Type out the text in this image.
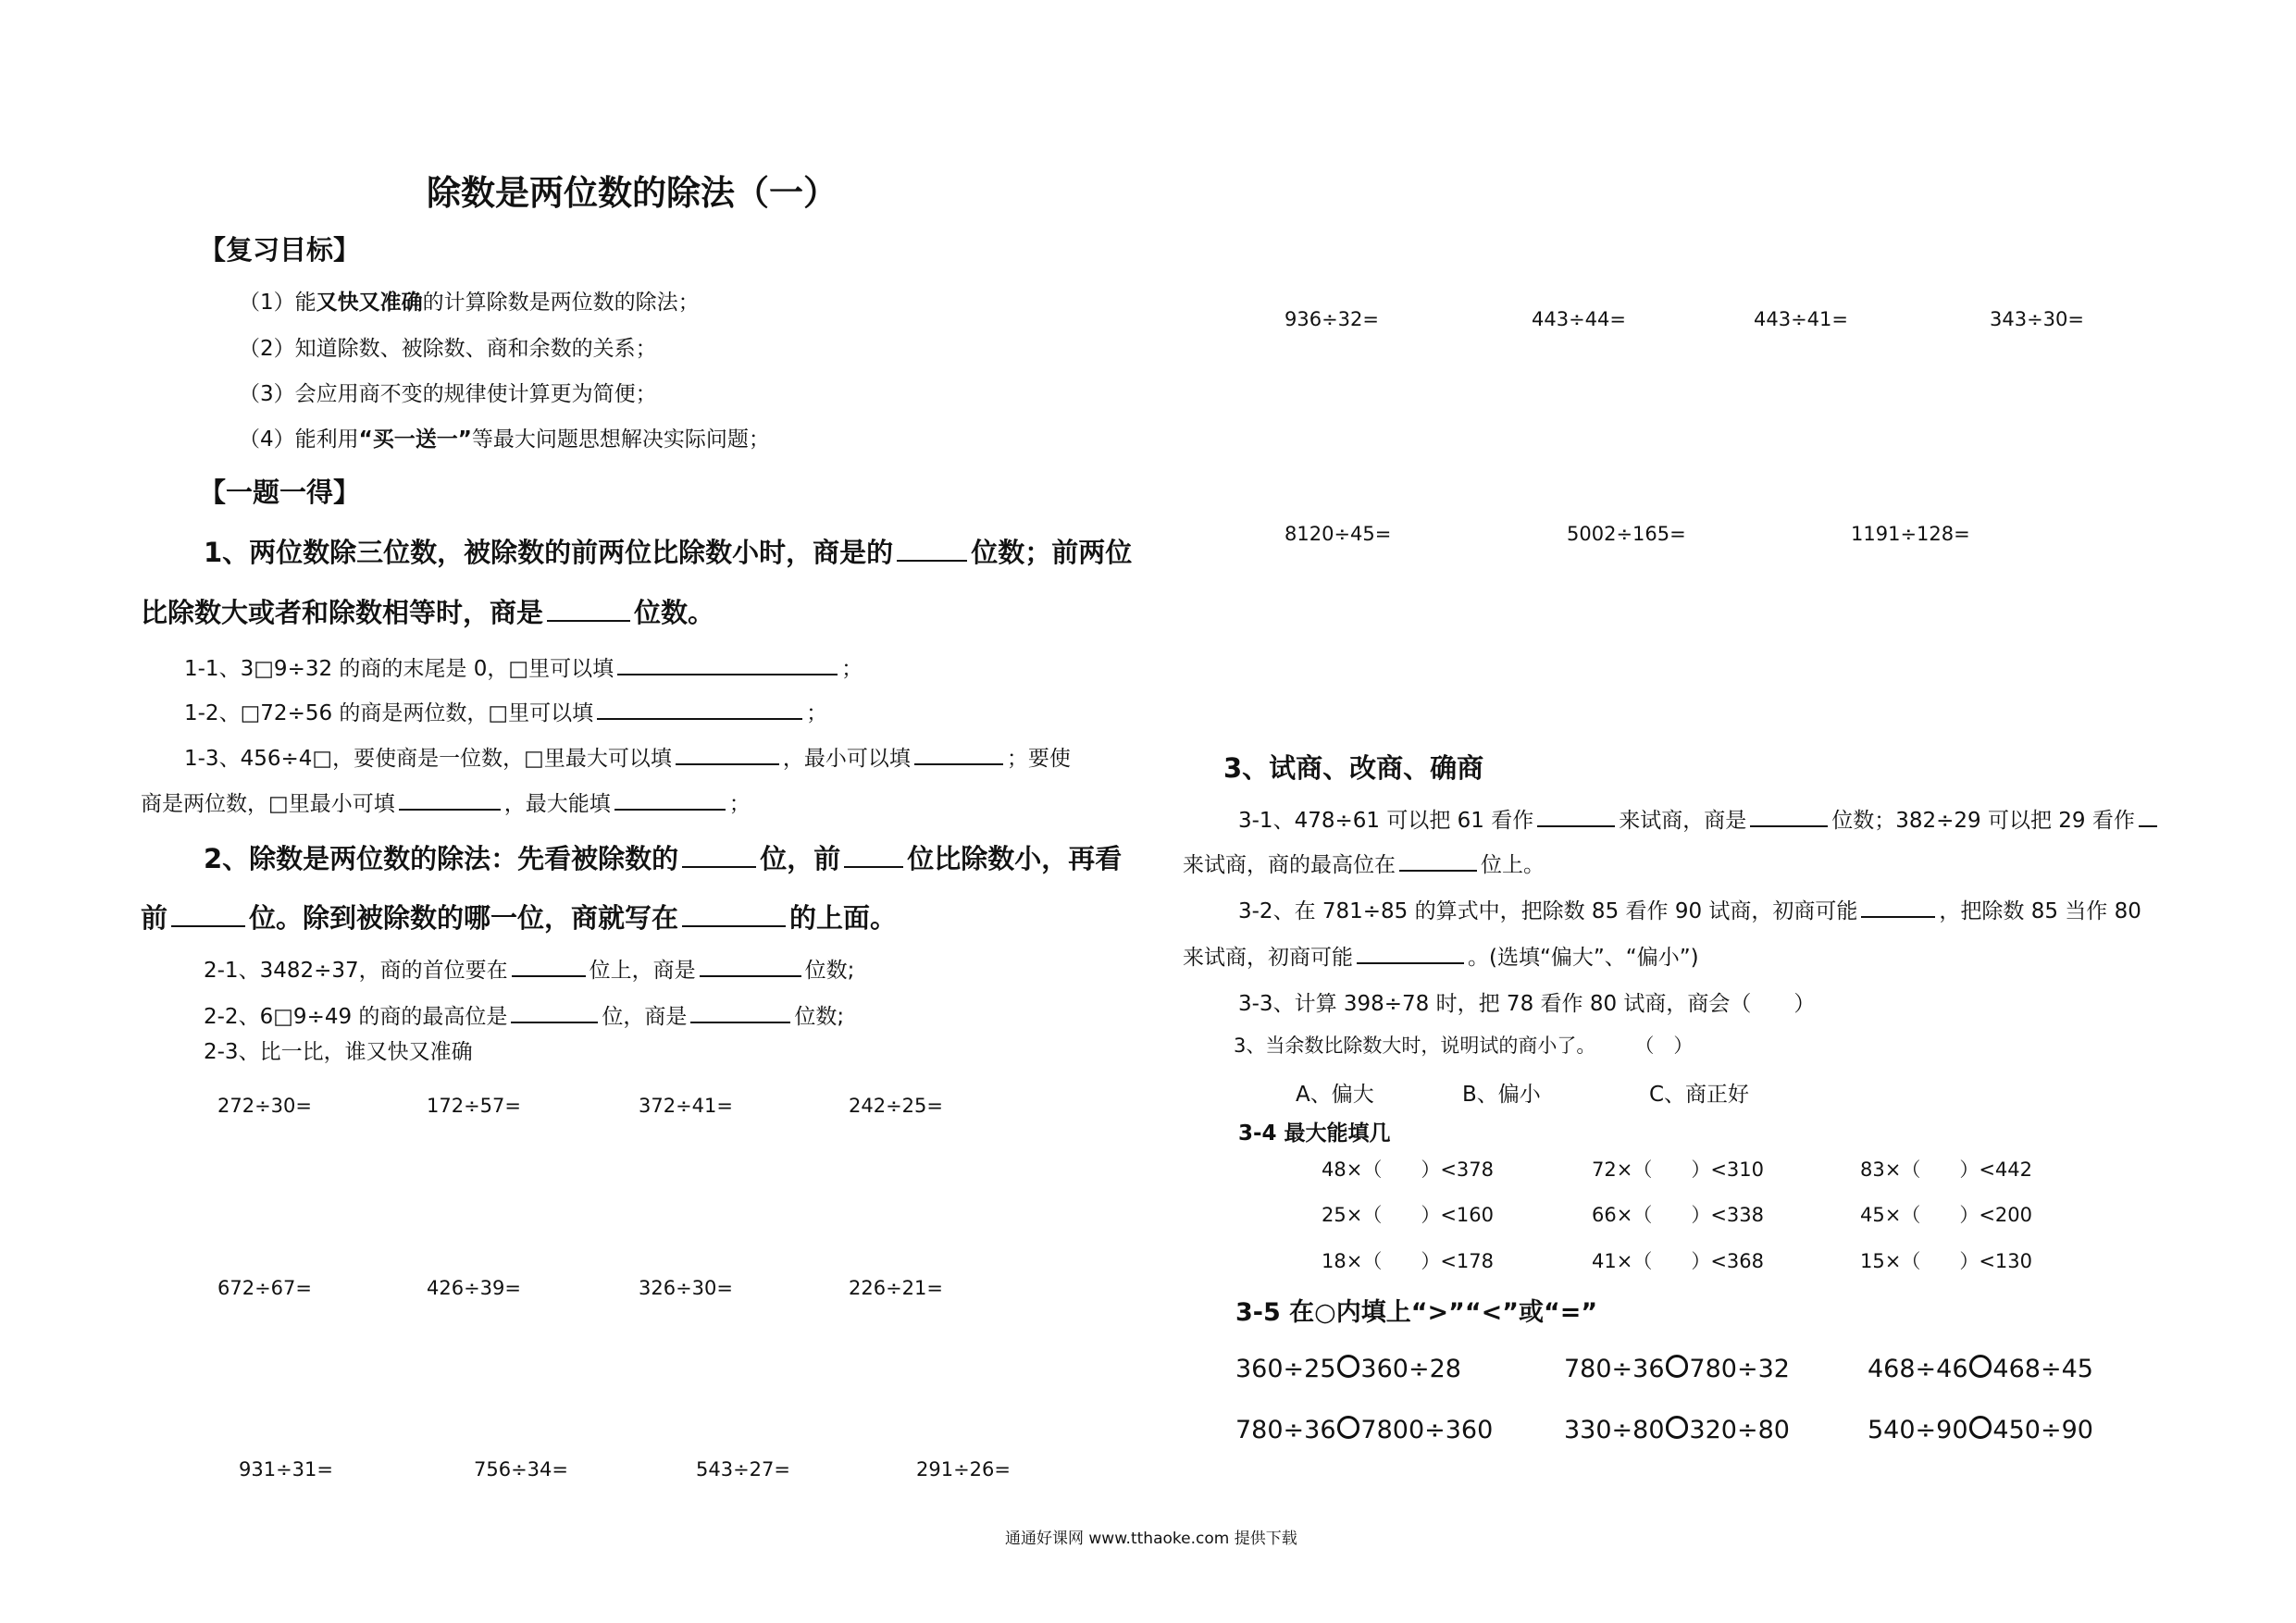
除数是两位数的除法（一）
【复习目标】
（1）能又快又准确的计算除数是两位数的除法；
（2）知道除数、被除数、商和余数的关系；
（3）会应用商不变的规律使计算更为简便；
（4）能利用“买一送一”等最大问题思想解决实际问题；
【一题一得】
1、两位数除三位数，被除数的前两位比除数小时，商是的	位数；前两位
比除数大或者和除数相等时，商是	位数。
1-1、3□9÷32 的商的末尾是 0，□里可以填	；
1-2、□72÷56 的商是两位数，□里可以填	；
1-3、456÷4□，要使商是一位数，□里最大可以填	，最小可以填	；要使
商是两位数，□里最小可填	，最大能填	；
2、除数是两位数的除法：先看被除数的	位，前 位比除数小，再看
前	位。除到被除数的哪一位，商就写在	的上面。
2-1、3482÷37，商的首位要在	位上，商是	位数;
2-2、6□9÷49 的商的最高位是	位，商是	位数;
2-3、比一比，谁又快又准确
272÷30=	172÷57=	372÷41=	242÷25=
672÷67=	426÷39=	326÷30=	226÷21=
931÷31=	756÷34=	543÷27=	291÷26=
936÷32=	443÷44=	443÷41=	343÷30=
8120÷45=	5002÷165=	1191÷128=
3、试商、改商、确商
3-1、478÷61 可以把 61 看作	来试商，商是	位数；382÷29 可以把 29 看作
来试商，商的最高位在	位上。
3-2、在 781÷85 的算式中，把除数 85 看作 90 试商，初商可能	，把除数 85 当作 80
来试商，初商可能	。(选填“偏大”、“偏小”)
3-3、计算 398÷78 时，把 78 看作 80 试商，商会（　　）
3、当余数比除数大时，说明试的商小了。　　　（　）
A、偏大	B、偏小	C、商正好
3-4 最大能填几
48×（　　）<378	72×（　　）<310	83×（　　）<442
25×（　　）<160	66×（　　）<338	45×（　　）<200
18×（　　）<178	41×（　　）<368	15×（　　）<130
3-5 在○内填上“>”“<”或“=”
360÷25 360÷28	780÷36 780÷32	468÷46 468÷45
780÷36 7800÷360	330÷80 320÷80	540÷90 450÷90
通通好课网 www.tthaoke.com 提供下载
